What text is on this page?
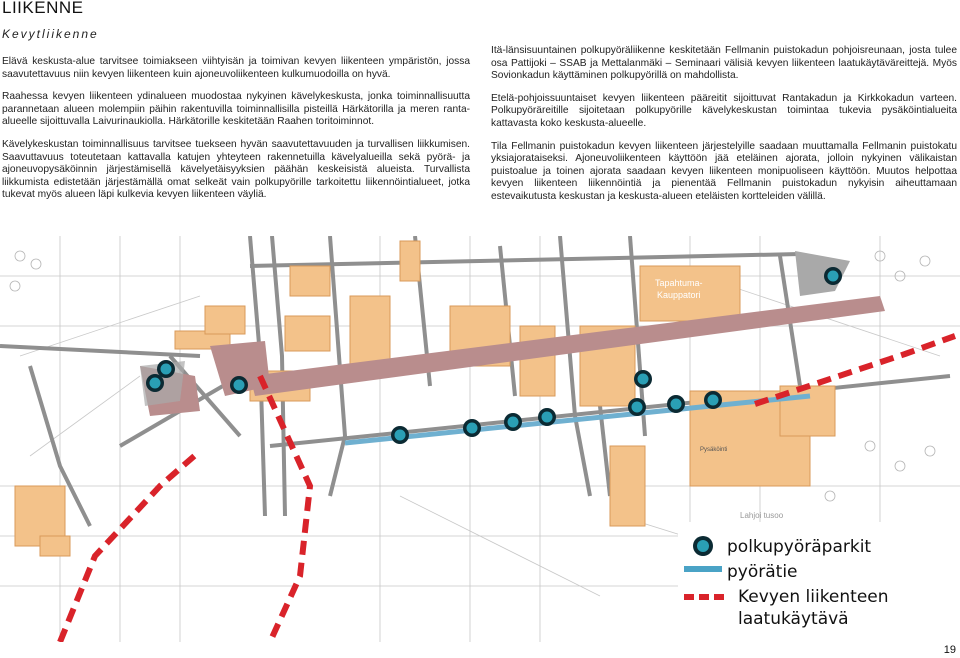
LIIKENNE
Kevytliikenne

Elävä keskusta-alue tarvitsee toimiakseen viihtyisän ja toimivan kevyen liikenteen ympäristön, jossa saavutettavuus niin kevyen liikenteen kuin ajoneuvoliikenteen kulkumuodoilla on hyvä.

Raahessa kevyen liikenteen ydinalueen muodostaa nykyinen kävelykeskusta, jonka toiminnallisuutta parannetaan alueen molempiin päihin rakentuvilla toiminnallisilla pisteillä Härkätorilla ja meren ranta-alueelle sijoittuvalla Laivurinaukiolla. Härkätorille keskitetään Raahen toritoiminnot.

Kävelykeskustan toiminnallisuus tarvitsee tuekseen hyvän saavutettavuuden ja turvallisen liikkumisen. Saavuttavuus toteutetaan kattavalla katujen yhteyteen rakennetuilla kävelyalueilla sekä pyörä- ja ajoneuvopysäköinnin järjestämisellä kävelyetäisyyksien päähän keskeisistä alueista. Turvallista liikkumista edistetään järjestämällä omat selkeät vain polkupyörille tarkoitettu liikennöintialueet, jotka tukevat myös alueen läpi kulkevia kevyen liikenteen väyliä.

Itä-länsisuuntainen polkupyöräliikenne keskitetään Fellmanin puistokadun pohjoisreunaan, josta tulee osa Pattijoki – SSAB ja Mettalanmäki – Seminaari välisiä kevyen liikenteen laatukäytäväreittejä. Myös Sovionkadun käyttäminen polkupyörillä on mahdollista.

Etelä-pohjoissuuntaiset kevyen liikenteen pääreitit sijoittuvat Rantakadun ja Kirkkokadun varteen. Polkupyöräreitille sijoitetaan polkupyörille kävelykeskustan toimintaa tukevia pysäköintialueita kattavasta koko keskusta-alueelle.

Tila Fellmanin puistokadun kevyen liikenteen järjestelyille saadaan muuttamalla Fellmanin puistokatu yksiajorataiseksi. Ajoneuvoliikenteen käyttöön jää eteläinen ajorata, jolloin nykyinen välikaistan puistoalue ja toinen ajorata saadaan kevyen liikenteen monipuoliseen käyttöön. Muutos helpottaa kevyen liikenteen liikennöintiä ja pienentää Fellmanin puistokadun nykyisin aiheuttamaan estevaikutusta keskustan ja keskusta-alueen eteläisten kortteleiden välillä.

Tapahtuma-
Kauppatori
Pysäköinti
Lahjoi tusoo
polkupyöräparkit
pyörätie
Kevyen liikenteen
laatukäytävä
19
